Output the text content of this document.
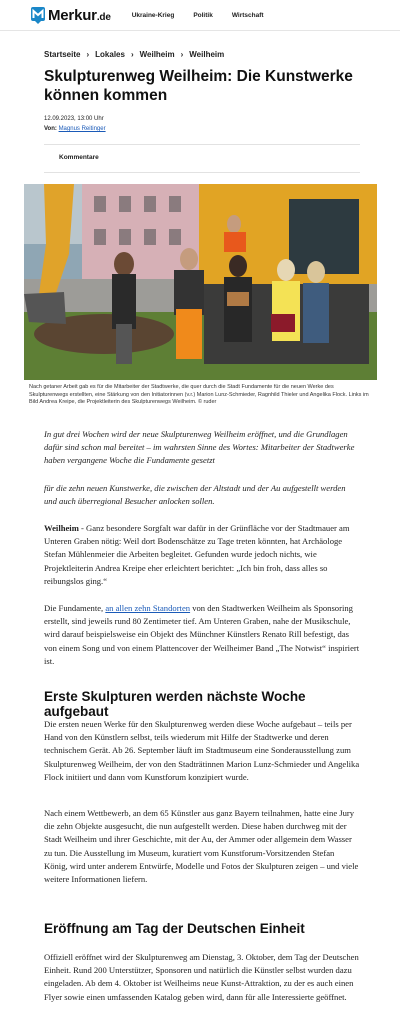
Merkur.de	Ukraine-Krieg	Politik	Wirtschaft
Startseite › Lokales › Weilheim › Weilheim
Skulpturenweg Weilheim: Die Kunstwerke können kommen
12.09.2023, 13:00 Uhr
Von: Magnus Reitinger
Kommentare
Nach getaner Arbeit gab es für die Mitarbeiter der Stadtwerke, die quer durch die Stadt Fundamente für die neuen Werke des Skulpturenwegs erstellten, eine Stärkung von den Initiatorinnen (v.r.) Marion Lunz-Schmieder, Ragnhild Thieler und Angelika Flock. Links im Bild Andrea Kreipe, die Projektleiterin des Skulpturenwegs Weilheim. © ruder

In gut drei Wochen wird der neue Skulpturenweg Weilheim eröffnet, und die Grundlagen dafür sind schon mal bereitet – im wahrsten Sinne des Wortes: Mitarbeiter der Stadtwerke haben vergangene Woche die Fundamente gesetzt

für die zehn neuen Kunstwerke, die zwischen der Altstadt und der Au aufgestellt werden und auch überregional Besucher anlocken sollen.

Weilheim - Ganz besondere Sorgfalt war dafür in der Grünfläche vor der Stadtmauer am Unteren Graben nötig: Weil dort Bodenschätze zu Tage treten könnten, hat Archäologe Stefan Mühlenmeier die Arbeiten begleitet. Gefunden wurde jedoch nichts, wie Projektleiterin Andrea Kreipe eher erleichtert berichtet: „Ich bin froh, dass alles so reibungslos ging.“

Die Fundamente, an allen zehn Standorten von den Stadtwerken Weilheim als Sponsoring erstellt, sind jeweils rund 80 Zentimeter tief. Am Unteren Graben, nahe der Musikschule, wird darauf beispielsweise ein Objekt des Münchner Künstlers Renato Rill befestigt, das von einem Song und von einem Plattencover der Weilheimer Band „The Notwist“ inspiriert ist.

Erste Skulpturen werden nächste Woche aufgebaut

Die ersten neuen Werke für den Skulpturenweg werden diese Woche aufgebaut – teils per Hand von den Künstlern selbst, teils wiederum mit Hilfe der Stadtwerke und deren technischem Gerät. Ab 26. September läuft im Stadtmuseum eine Sonderausstellung zum Skulpturenweg Weilheim, der von den Stadträtinnen Marion Lunz-Schmieder und Angelika Flock initiiert und dann vom Kunstforum konzipiert wurde.

Nach einem Wettbewerb, an dem 65 Künstler aus ganz Bayern teilnahmen, hatte eine Jury die zehn Objekte ausgesucht, die nun aufgestellt werden. Diese haben durchweg mit der Stadt Weilheim und ihrer Geschichte, mit der Au, der Ammer oder allgemein dem Wasser zu tun. Die Ausstellung im Museum, kuratiert vom Kunstforum-Vorsitzenden Stefan König, wird unter anderem Entwürfe, Modelle und Fotos der Skulpturen zeigen – und viele weitere Informationen liefern.

Eröffnung am Tag der Deutschen Einheit

Offiziell eröffnet wird der Skulpturenweg am Dienstag, 3. Oktober, dem Tag der Deutschen Einheit. Rund 200 Unterstützer, Sponsoren und natürlich die Künstler selbst wurden dazu eingeladen. Ab dem 4. Oktober ist Weilheims neue Kunst-Attraktion, zu der es auch einen Flyer sowie einen umfassenden Katalog geben wird, dann für alle Interessierte geöffnet.
